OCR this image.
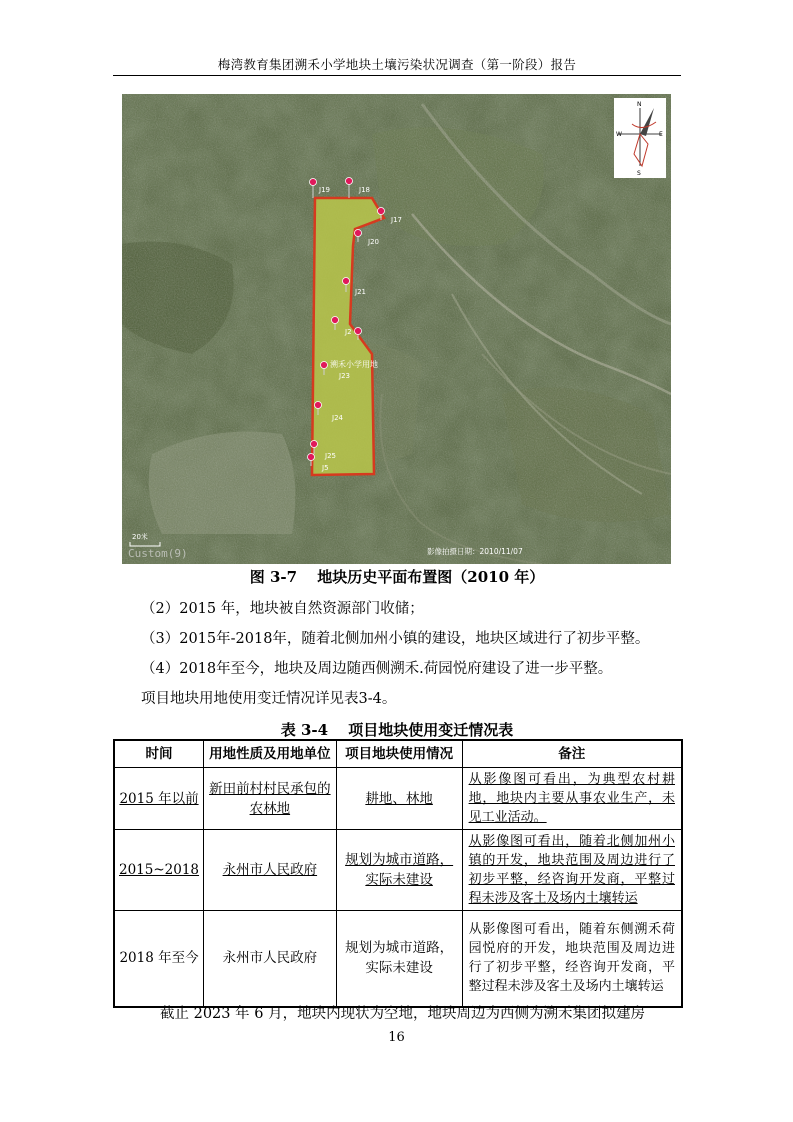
梅湾教育集团溯禾小学地块土壤污染状况调查（第一阶段）报告
J19	J18
J17
J20
J21
J2
溯禾小学用地
J23
J24
J25
J5
N
S
W	E
20米
Custom(9)	影像拍摄日期：2010/11/07
图 3-7　 地块历史平面布置图（2010 年）
（2）2015 年，地块被自然资源部门收储；
（3）2015年-2018年，随着北侧加州小镇的建设，地块区域进行了初步平整。
（4）2018年至今，地块及周边随西侧溯禾.荷园悦府建设了进一步平整。
项目地块用地使用变迁情况详见表3-4。
表 3-4　 项目地块使用变迁情况表
时间	用地性质及用地单位	项目地块使用情况	备注
2015 年以前	新田前村村民承包的农林地	耕地、林地	从影像图可看出，为典型农村耕地，地块内主要从事农业生产，未见工业活动。
2015~2018	永州市人民政府	规划为城市道路，实际未建设	从影像图可看出，随着北侧加州小镇的开发，地块范围及周边进行了初步平整，经咨询开发商，平整过程未涉及客土及场内土壤转运
2018 年至今	永州市人民政府	规划为城市道路，实际未建设	从影像图可看出，随着东侧溯禾荷园悦府的开发，地块范围及周边进行了初步平整，经咨询开发商，平整过程未涉及客土及场内土壤转运
截止 2023 年 6 月，地块内现状为空地，地块周边为西侧为溯禾集团拟建房
16
